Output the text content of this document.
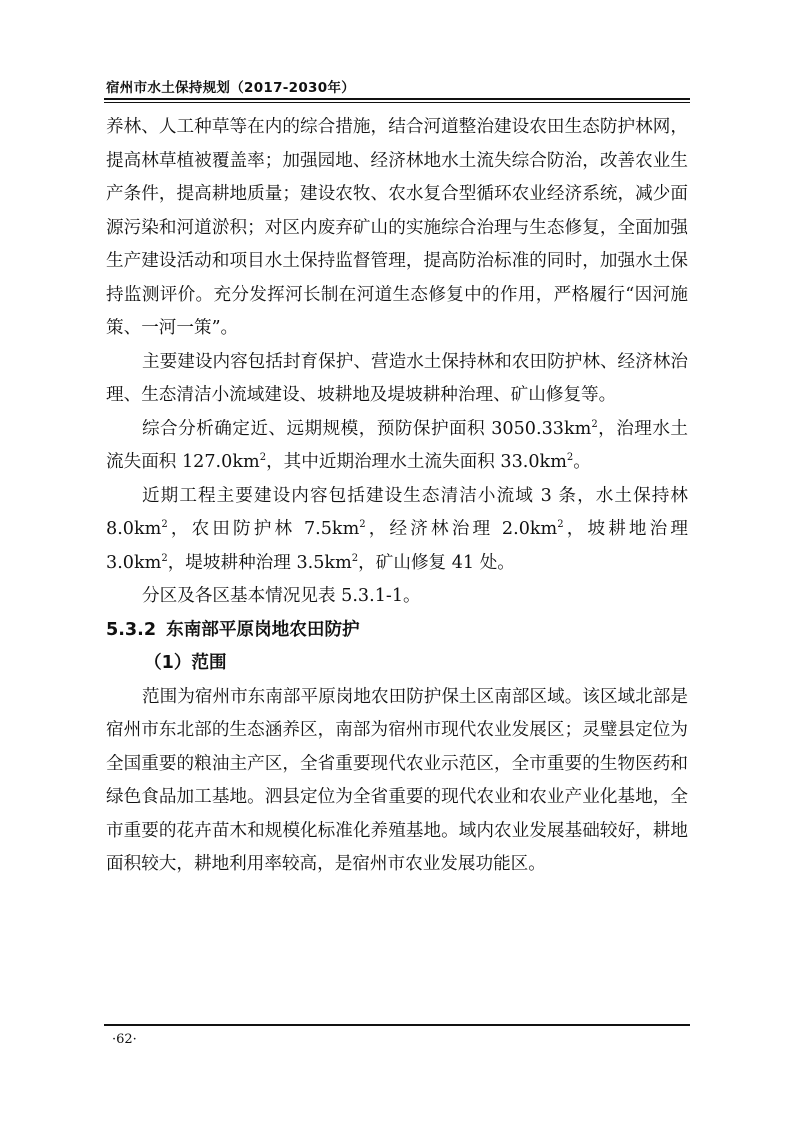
宿州市水土保持规划（2017-2030年）

养林、人工种草等在内的综合措施，结合河道整治建设农田生态防护林网，提高林草植被覆盖率；加强园地、经济林地水土流失综合防治，改善农业生产条件，提高耕地质量；建设农牧、农水复合型循环农业经济系统，减少面源污染和河道淤积；对区内废弃矿山的实施综合治理与生态修复，全面加强生产建设活动和项目水土保持监督管理，提高防治标准的同时，加强水土保持监测评价。充分发挥河长制在河道生态修复中的作用，严格履行“因河施策、一河一策”。

主要建设内容包括封育保护、营造水土保持林和农田防护林、经济林治理、生态清洁小流域建设、坡耕地及堤坡耕种治理、矿山修复等。

综合分析确定近、远期规模，预防保护面积 $3050.33km^2$，治理水土流失面积 $127.0km^2$，其中近期治理水土流失面积 $33.0km^2$。

近期工程主要建设内容包括建设生态清洁小流域 3 条，水土保持林 $8.0km^2$，农田防护林 $7.5km^2$，经济林治理 $2.0km^2$，坡耕地治理 $3.0km^2$，堤坡耕种治理 $3.5km^2$，矿山修复 41 处。

分区及各区基本情况见表 5.3.1-1。

5.3.2 东南部平原岗地农田防护

（1）范围

范围为宿州市东南部平原岗地农田防护保土区南部区域。该区域北部是宿州市东北部的生态涵养区，南部为宿州市现代农业发展区；灵璧县定位为全国重要的粮油主产区，全省重要现代农业示范区，全市重要的生物医药和绿色食品加工基地。泗县定位为全省重要的现代农业和农业产业化基地，全市重要的花卉苗木和规模化标准化养殖基地。域内农业发展基础较好，耕地面积较大，耕地利用率较高，是宿州市农业发展功能区。

·62·
